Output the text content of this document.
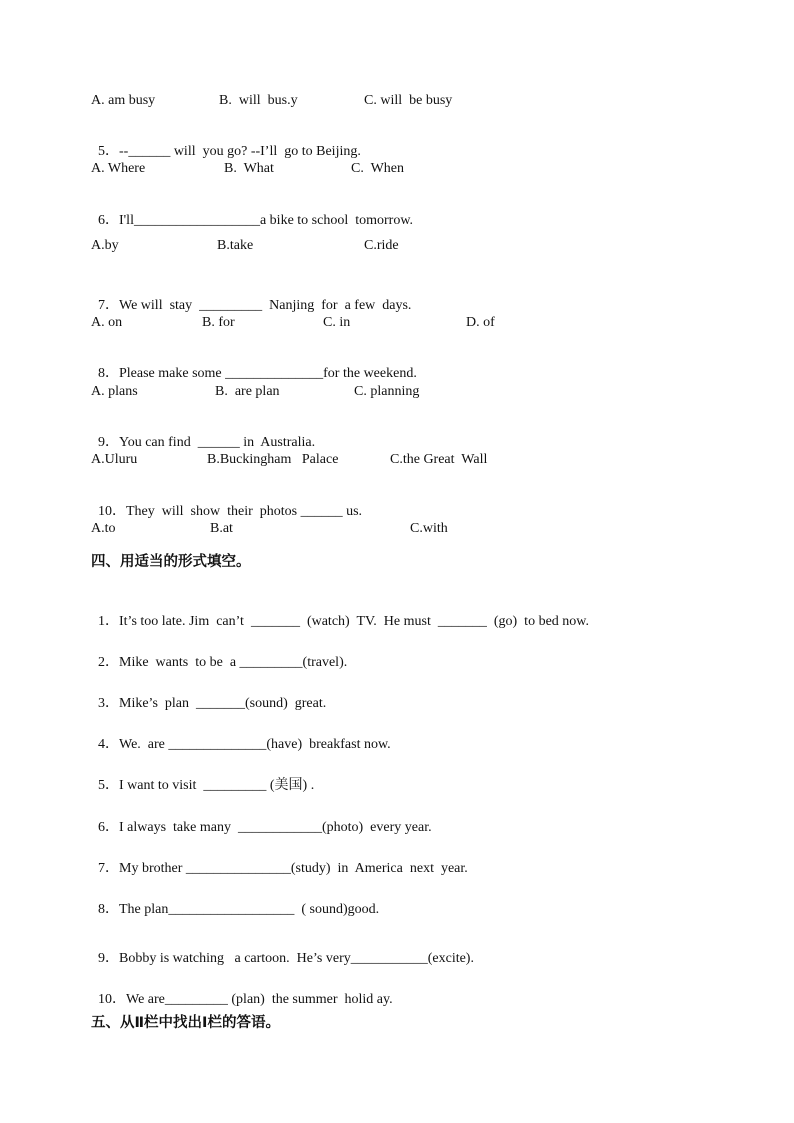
A. am busy	B.  will  bus.y	C. will  be busy

5．--______ will  you go? --I’ll  go to Beijing.

A. Where	B.  What	C.  When

6．I'll__________________a bike to school  tomorrow.

A.by	B.take	C.ride

7．We will  stay  _________  Nanjing  for  a few  days.

A. on	B. for	C. in	D. of

8．Please make some ______________for the weekend.

A. plans	B.  are plan	C. planning

9．You can find  ______ in  Australia.

A.Uluru	B.Buckingham   Palace	C.the Great  Wall

10．They  will  show  their  photos ______ us.

A.to	B.at	C.with
四、用适当的形式填空。

1．It’s too late. Jim  can’t  _______  (watch)  TV.  He must  _______  (go)  to bed now.

2．Mike  wants  to be  a _________(travel).

3．Mike’s  plan  _______(sound)  great.

4．We.  are ______________(have)  breakfast now.

5．I want to visit  _________ (美国) .

6．I always  take many  ____________(photo)  every year.

7．My brother _______________(study)  in  America  next  year.

8．The plan__________________  ( sound)good.

9．Bobby is watching   a cartoon.  He’s very___________(excite).

10．We are_________ (plan)  the summer  holid ay.

五、从Ⅱ栏中找出Ⅰ栏的答语。
